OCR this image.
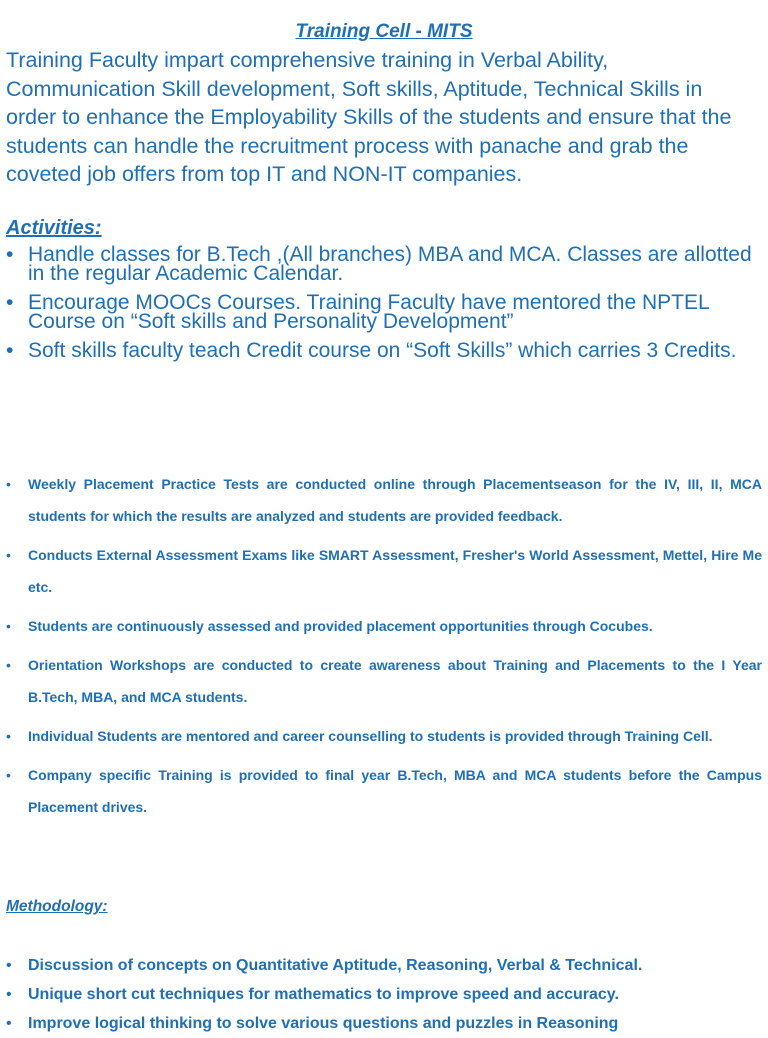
Training Cell - MITS
Training Faculty impart comprehensive training in Verbal Ability, Communication Skill development, Soft skills, Aptitude, Technical Skills in order to enhance the Employability Skills of the students and ensure that the students can handle the recruitment process with panache and grab the coveted job offers from top IT and NON-IT companies.
Activities:
• Handle classes for B.Tech ,(All branches) MBA and MCA. Classes are allotted in the regular Academic Calendar.
• Encourage MOOCs Courses. Training Faculty have mentored the NPTEL Course on “Soft skills and Personality Development”
• Soft skills faculty teach Credit course on “Soft Skills” which carries 3 Credits.
• Weekly Placement Practice Tests are conducted online through Placementseason for the IV, III, II, MCA students for which the results are analyzed and students are provided feedback.
• Conducts External Assessment Exams like SMART Assessment, Fresher's World Assessment, Mettel, Hire Me etc.
• Students are continuously assessed and provided placement opportunities through Cocubes.
• Orientation Workshops are conducted to create awareness about Training and Placements to the I Year B.Tech, MBA, and MCA students.
• Individual Students are mentored and career counselling to students is provided through Training Cell.
• Company specific Training is provided to final year B.Tech, MBA and MCA students before the Campus Placement drives.
Methodology:
• Discussion of concepts on Quantitative Aptitude, Reasoning, Verbal & Technical.
• Unique short cut techniques for mathematics to improve speed and accuracy.
• Improve logical thinking to solve various questions and puzzles in Reasoning
